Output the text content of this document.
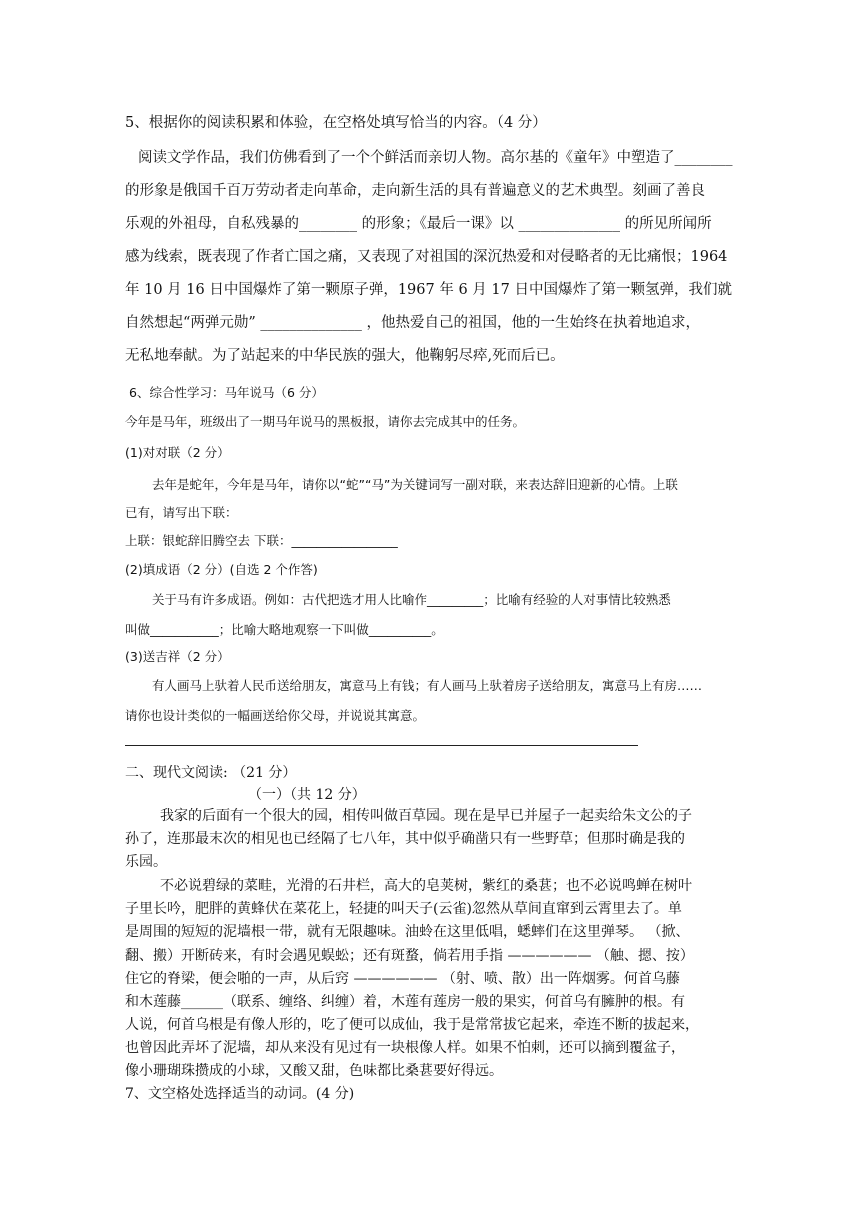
5、根据你的阅读积累和体验，在空格处填写恰当的内容。（4 分）
阅读文学作品，我们仿佛看到了一个个鲜活而亲切人物。高尔基的《童年》中塑造了________
的形象是俄国千百万劳动者走向革命，走向新生活的具有普遍意义的艺术典型。刻画了善良
乐观的外祖母，自私残暴的________ 的形象；《最后一课》以 ______________ 的所见所闻所
感为线索，既表现了作者亡国之痛，又表现了对祖国的深沉热爱和对侵略者的无比痛恨；1964
年 10 月 16 日中国爆炸了第一颗原子弹，1967 年 6 月 17 日中国爆炸了第一颗氢弹，我们就
自然想起“两弹元勋” ______________ ，他热爱自己的祖国，他的一生始终在执着地追求，
无私地奉献。为了站起来的中华民族的强大，他鞠躬尽瘁,死而后已。
6、综合性学习：马年说马（6 分）
今年是马年，班级出了一期马年说马的黑板报，请你去完成其中的任务。
(1)对对联（2 分）
去年是蛇年，今年是马年，请你以“蛇”“马”为关键词写一副对联，来表达辞旧迎新的心情。上联
已有，请写出下联：
上联：银蛇辞旧腾空去 下联：_________________
(2)填成语（2 分）(自选 2 个作答)
关于马有许多成语。例如：古代把选才用人比喻作_________；比喻有经验的人对事情比较熟悉
叫做___________；比喻大略地观察一下叫做__________。
(3)送吉祥（2 分）
有人画马上驮着人民币送给朋友，寓意马上有钱；有人画马上驮着房子送给朋友，寓意马上有房……
请你也设计类似的一幅画送给你父母，并说说其寓意。
二、现代文阅读: （21 分）
（一）（共 12 分）
我家的后面有一个很大的园，相传叫做百草园。现在是早已并屋子一起卖给朱文公的子
孙了，连那最末次的相见也已经隔了七八年，其中似乎确凿只有一些野草；但那时确是我的
乐园。
不必说碧绿的菜畦，光滑的石井栏，高大的皂荚树，紫红的桑葚；也不必说鸣蝉在树叶
子里长吟，肥胖的黄蜂伏在菜花上，轻捷的叫天子(云雀)忽然从草间直窜到云霄里去了。单
是周围的短短的泥墙根一带，就有无限趣味。油蛉在这里低唱，蟋蟀们在这里弹琴。 （掀、
翻、搬）开断砖来，有时会遇见蜈蚣；还有斑蝥，倘若用手指 —————— （触、摁、按）
住它的脊梁，便会啪的一声，从后窍 —————— （射、喷、散）出一阵烟雾。何首乌藤
和木莲藤______（联系、缠络、纠缠）着，木莲有莲房一般的果实，何首乌有臃肿的根。有
人说，何首乌根是有像人形的，吃了便可以成仙，我于是常常拔它起来，牵连不断的拔起来，
也曾因此弄坏了泥墙，却从来没有见过有一块根像人样。如果不怕刺，还可以摘到覆盆子，
像小珊瑚珠攒成的小球，又酸又甜，色味都比桑葚要好得远。
7、文空格处选择适当的动词。(4 分)
